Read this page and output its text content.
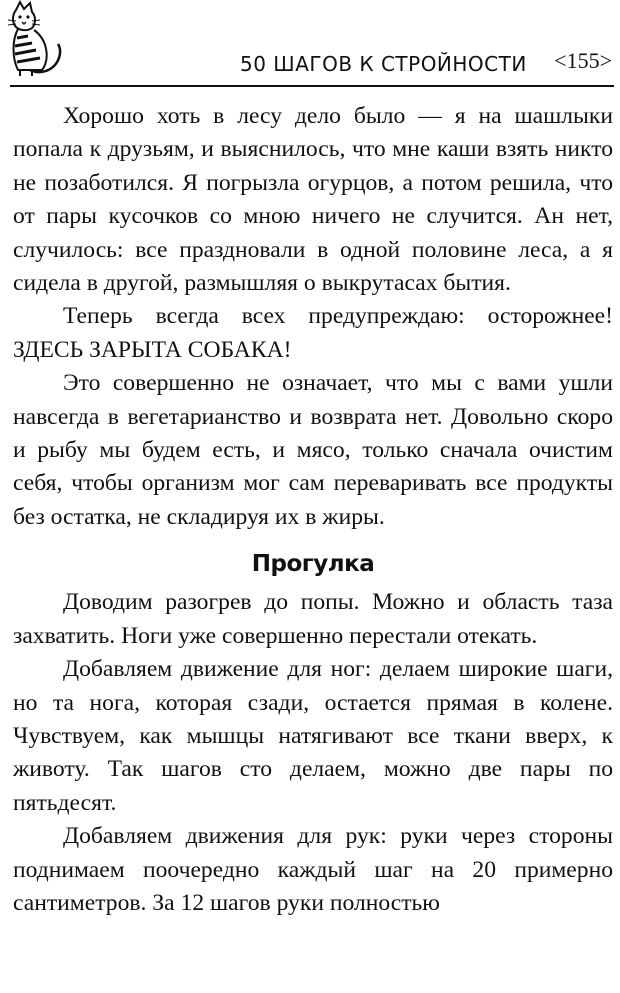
50 ШАГОВ К СТРОЙНОСТИ <155>

Хорошо хоть в лесу дело было — я на шашлыки попала к друзьям, и выяснилось, что мне каши взять никто не позаботился. Я погрызла огурцов, а потом решила, что от пары кусочков со мною ничего не случится. Ан нет, случилось: все праздновали в одной половине леса, а я сидела в другой, размышляя о выкрутасах бытия.

Теперь всегда всех предупреждаю: осторожнее! ЗДЕСЬ ЗАРЫТА СОБАКА!

Это совершенно не означает, что мы с вами ушли навсегда в вегетарианство и возврата нет. Довольно скоро и рыбу мы будем есть, и мясо, только сначала очистим себя, чтобы организм мог сам переваривать все продукты без остатка, не складируя их в жиры.

Прогулка

Доводим разогрев до попы. Можно и область таза захватить. Ноги уже совершенно перестали отекать.

Добавляем движение для ног: делаем широкие шаги, но та нога, которая сзади, остается прямая в колене. Чувствуем, как мышцы натягивают все ткани вверх, к животу. Так шагов сто делаем, можно две пары по пятьдесят.

Добавляем движения для рук: руки через стороны поднимаем поочередно каждый шаг на 20 примерно сантиметров. За 12 шагов руки полностью
